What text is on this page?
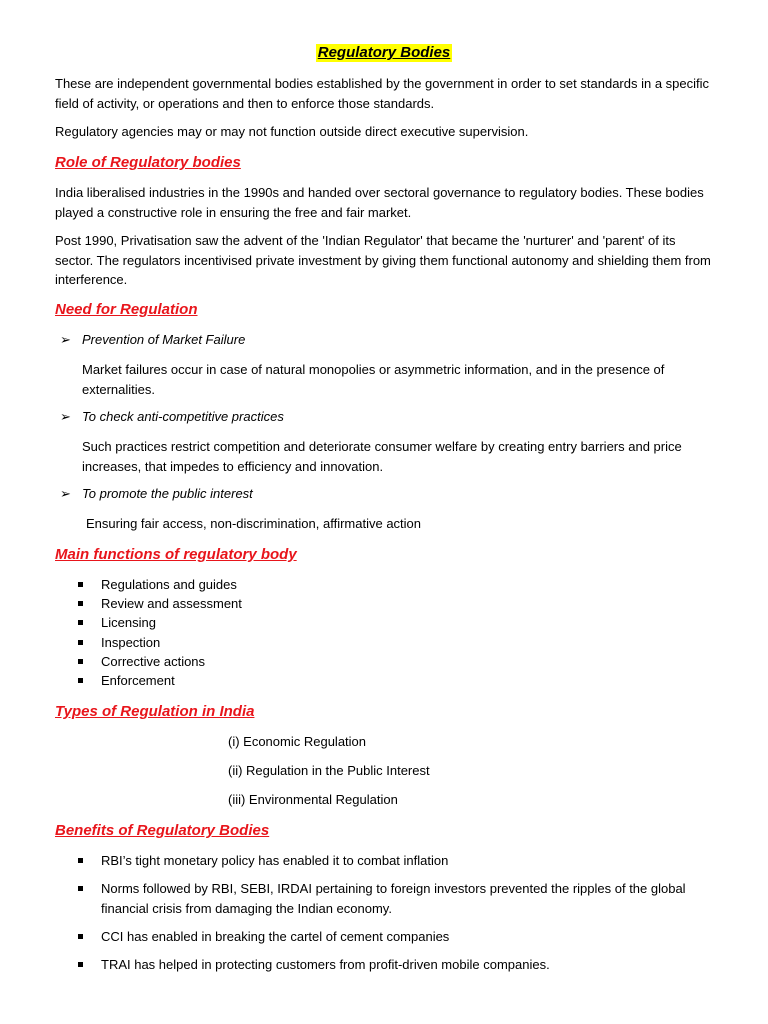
Regulatory Bodies
These are independent governmental bodies established by the government in order to set standards in a specific field of activity, or operations and then to enforce those standards.
Regulatory agencies may or may not function outside direct executive supervision.
Role of Regulatory bodies
India liberalised industries in the 1990s and handed over sectoral governance to regulatory bodies. These bodies played a constructive role in ensuring the free and fair market.
Post 1990, Privatisation saw the advent of the 'Indian Regulator' that became the 'nurturer' and 'parent' of its sector. The regulators incentivised private investment by giving them functional autonomy and shielding them from interference.
Need for Regulation
➢ Prevention of Market Failure
Market failures occur in case of natural monopolies or asymmetric information, and in the presence of externalities.
➢ To check anti-competitive practices
Such practices restrict competition and deteriorate consumer welfare by creating entry barriers and price increases, that impedes to efficiency and innovation.
➢ To promote the public interest
Ensuring fair access, non-discrimination, affirmative action
Main functions of regulatory body
Regulations and guides
Review and assessment
Licensing
Inspection
Corrective actions
Enforcement
Types of Regulation in India
(i) Economic Regulation
(ii) Regulation in the Public Interest
(iii) Environmental Regulation
Benefits of Regulatory Bodies
RBI’s tight monetary policy has enabled it to combat inflation
Norms followed by RBI, SEBI, IRDAI pertaining to foreign investors prevented the ripples of the global financial crisis from damaging the Indian economy.
CCI has enabled in breaking the cartel of cement companies
TRAI has helped in protecting customers from profit-driven mobile companies.
